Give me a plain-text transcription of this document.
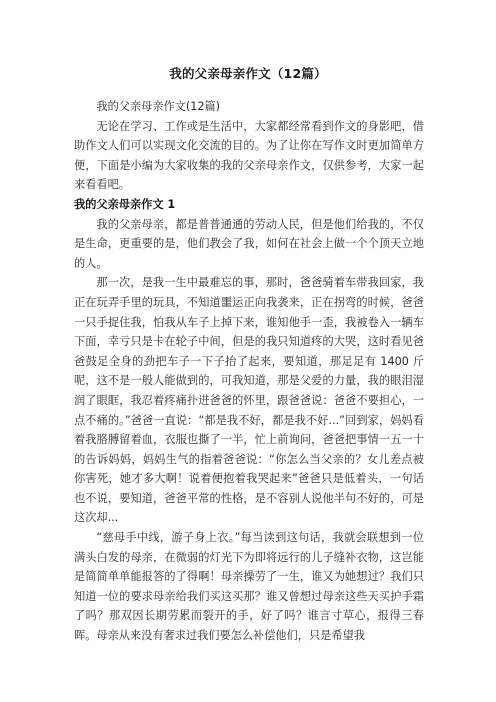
我的父亲母亲作文（12篇）

我的父亲母亲作文(12篇)

无论在学习、工作或是生活中，大家都经常看到作文的身影吧，借助作文人们可以实现文化交流的目的。为了让你在写作文时更加简单方便，下面是小编为大家收集的我的父亲母亲作文，仅供参考，大家一起来看看吧。

我的父亲母亲作文 1

我的父亲母亲，都是普普通通的劳动人民，但是他们给我的，不仅是生命，更重要的是，他们教会了我，如何在社会上做一个个顶天立地的人。

那一次，是我一生中最难忘的事，那时，爸爸骑着车带我回家，我正在玩弄手里的玩具，不知道噩运正向我袭来，正在拐弯的时候，爸爸一只手捉住我，怕我从车子上掉下来，谁知他手一歪，我被卷入一辆车下面，幸亏只是卡在轮子中间，但是的我只知道疼的大哭，这时看见爸爸鼓足全身的劲把车子一下子抬了起来，要知道，那足足有 1400 斤呢，这不是一般人能做到的，可我知道，那是父爱的力量，我的眼泪湿润了眼眶，我忍着疼痛扑进爸爸的怀里，跟爸爸说：爸爸不要担心，一点不痛的。”爸爸一直说：“都是我不好，都是我不好...”回到家，妈妈看着我胳膊留着血，衣服也撕了一半，忙上前询问，爸爸把事情一五一十的告诉妈妈，妈妈生气的指着爸爸说：“你怎么当父亲的？女儿差点被你害死，她才多大啊！说着便抱着我哭起来”爸爸只是低着头，一句话也不说，要知道，爸爸平常的性格，是不容别人说他半句不好的，可是这次却...

“慈母手中线，游子身上衣。”每当读到这句话，我就会联想到一位满头白发的母亲，在微弱的灯光下为即将远行的儿子缝补衣物，这岂能是简简单单能报答的了得啊！母亲操劳了一生，谁又为她想过？我们只知道一位的要求母亲给我们买这买那？谁又曾想过母亲这些天买护手霜了吗？那双因长期劳累而裂开的手，好了吗？谁言寸草心，报得三春晖。母亲从来没有奢求过我们要怎么补偿他们，只是希望我
